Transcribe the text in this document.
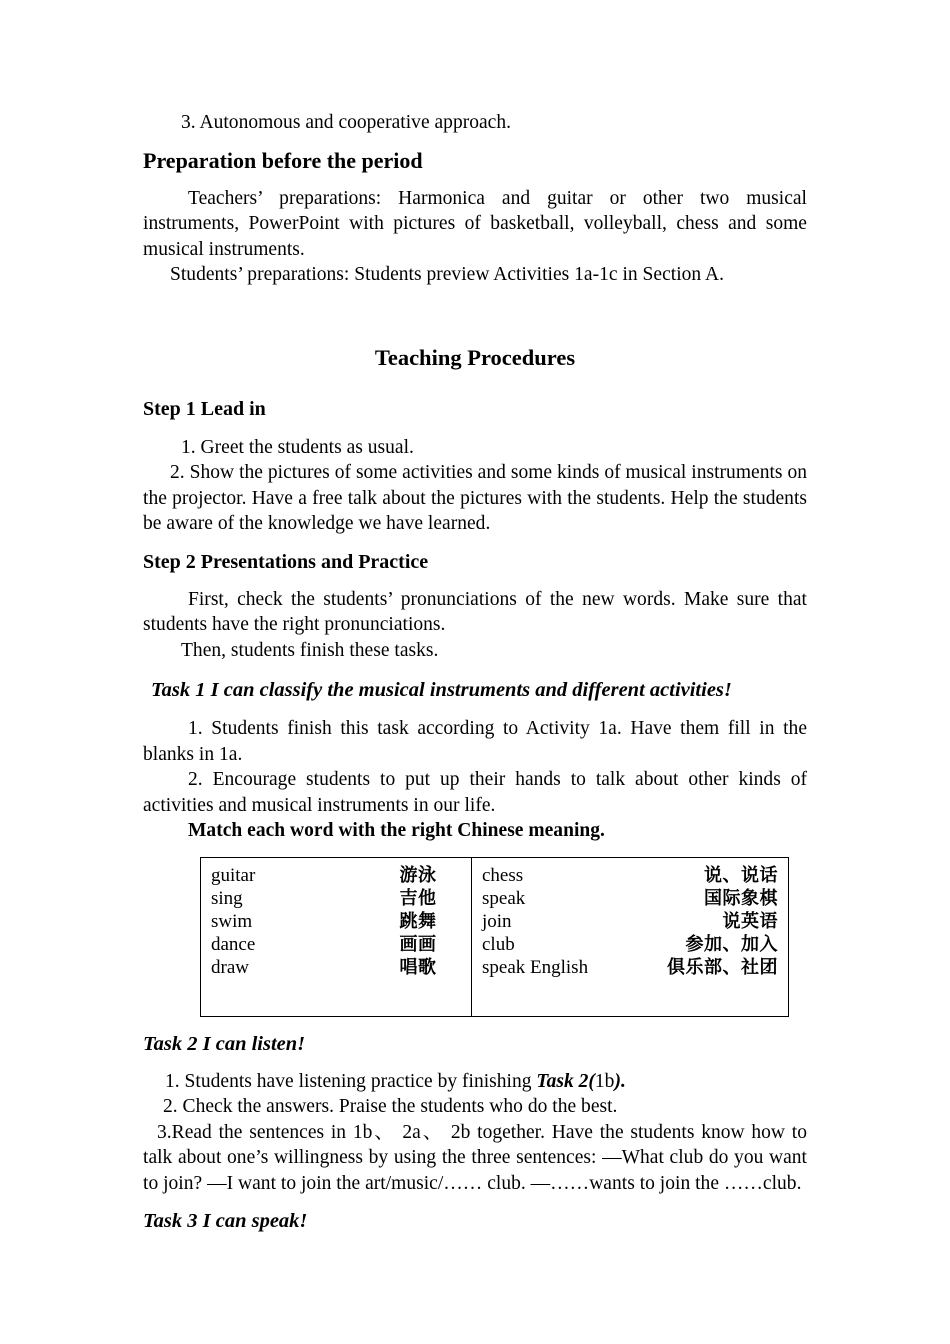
3. Autonomous and cooperative approach.

Preparation before the period

Teachers’ preparations: Harmonica and guitar or other two musical instruments, PowerPoint with pictures of basketball, volleyball, chess and some musical instruments.

Students’ preparations: Students preview Activities 1a-1c in Section A.

Teaching Procedures
Step 1 Lead in

1. Greet the students as usual.

2. Show the pictures of some activities and some kinds of musical instruments on the projector. Have a free talk about the pictures with the students. Help the students be aware of the knowledge we have learned.

Step 2 Presentations and Practice

First, check the students’ pronunciations of the new words. Make sure that students have the right pronunciations.

Then, students finish these tasks.

Task 1 I can classify the musical instruments and different activities!

1. Students finish this task according to Activity 1a. Have them fill in the blanks in 1a.

2. Encourage students to put up their hands to talk about other kinds of activities and musical instruments in our life.

Match each word with the right Chinese meaning.

guitar	游泳
sing	吉他
swim	跳舞
dance	画画
draw	唱歌

chess	说、说话
speak	国际象棋
join	说英语
club	参加、加入
speak English	俱乐部、社团

Task 2 I can listen!

1. Students have listening practice by finishing Task 2(1b).

2. Check the answers. Praise the students who do the best.

3.Read the sentences in 1b、 2a、 2b together. Have the students know how to talk about one’s willingness by using the three sentences: —What club do you want to join? —I want to join the art/music/…… club. —……wants to join the ……club.

Task 3 I can speak!
